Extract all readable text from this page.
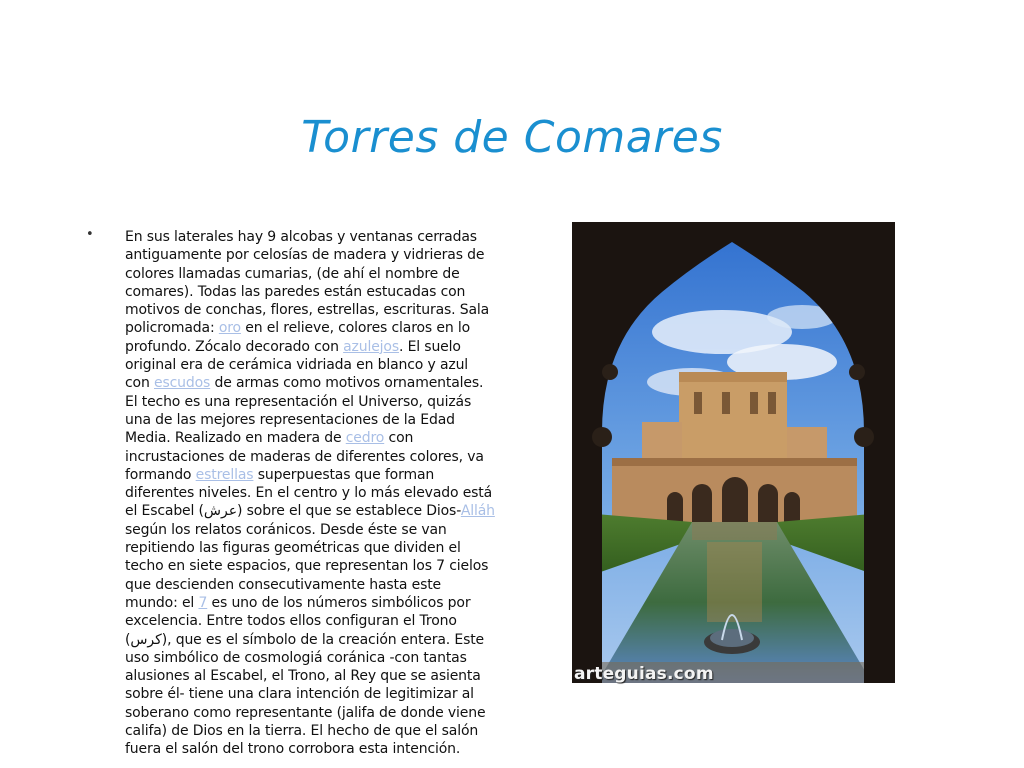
Torres de Comares
• En sus laterales hay 9 alcobas y ventanas cerradas antiguamente por celosías de madera y vidrieras de colores llamadas cumarias, (de ahí el nombre de comares). Todas las paredes están estucadas con motivos de conchas, flores, estrellas, escrituras. Sala policromada: oro en el relieve, colores claros en lo profundo. Zócalo decorado con azulejos. El suelo original era de cerámica vidriada en blanco y azul con escudos de armas como motivos ornamentales. El techo es una representación el Universo, quizás una de las mejores representaciones de la Edad Media. Realizado en madera de cedro con incrustaciones de maderas de diferentes colores, va formando estrellas superpuestas que forman diferentes niveles. En el centro y lo más elevado está el Escabel (عرش) sobre el que se establece Dios-Alláh según los relatos coránicos. Desde éste se van repitiendo las figuras geométricas que dividen el techo en siete espacios, que representan los 7 cielos que descienden consecutivamente hasta este mundo: el 7 es uno de los números simbólicos por excelencia. Entre todos ellos configuran el Trono (كرس), que es el símbolo de la creación entera. Este uso simbólico de cosmologiá coránica -con tantas alusiones al Escabel, el Trono, al Rey que se asienta sobre él- tiene una clara intención de legitimizar al soberano como representante (jalifa de donde viene califa) de Dios en la tierra. El hecho de que el salón fuera el salón del trono corrobora esta intención.
arteguias.com
